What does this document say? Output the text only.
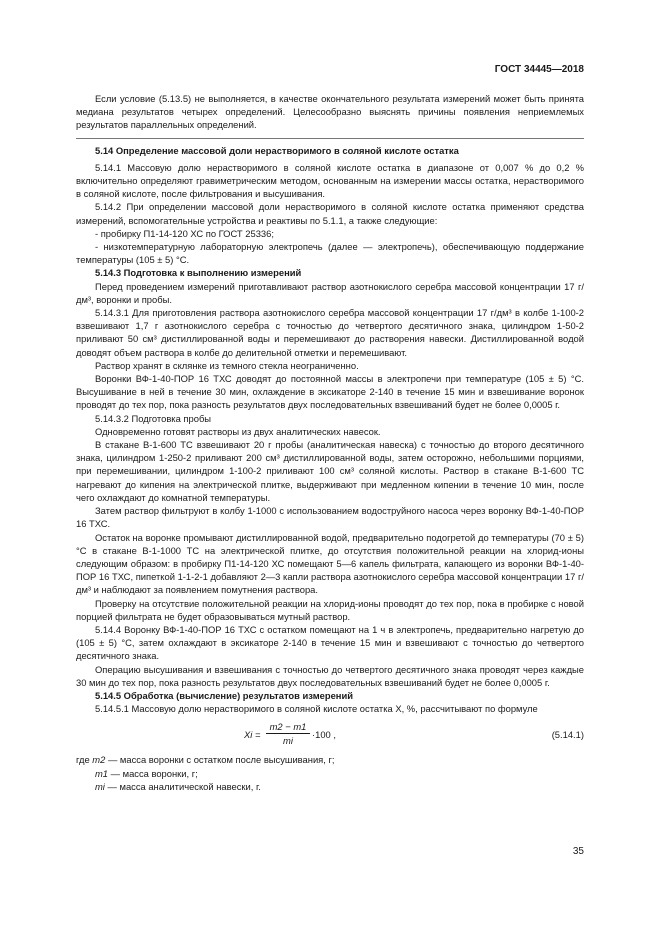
ГОСТ 34445—2018

Если условие (5.13.5) не выполняется, в качестве окончательного результата измерений может быть принята медиана результатов четырех определений. Целесообразно выяснять причины появления неприемлемых результатов параллельных определений.

5.14 Определение массовой доли нерастворимого в соляной кислоте остатка

5.14.1 Массовую долю нерастворимого в соляной кислоте остатка в диапазоне от 0,007 % до 0,2 % включительно определяют гравиметрическим методом, основанным на измерении массы остатка, нерастворимого в соляной кислоте, после фильтрования и высушивания.

5.14.2 При определении массовой доли нерастворимого в соляной кислоте остатка применяют средства измерений, вспомогательные устройства и реактивы по 5.1.1, а также следующие:

- пробирку П1-14-120 ХС по ГОСТ 25336;

- низкотемпературную лабораторную электропечь (далее — электропечь), обеспечивающую поддержание температуры (105 ± 5) °С.

5.14.3 Подготовка к выполнению измерений

Перед проведением измерений приготавливают раствор азотнокислого серебра массовой концентрации 17 г/дм³, воронки и пробы.

5.14.3.1 Для приготовления раствора азотнокислого серебра массовой концентрации 17 г/дм³ в колбе 1-100-2 взвешивают 1,7 г азотнокислого серебра с точностью до четвертого десятичного знака, цилиндром 1-50-2 приливают 50 см³ дистиллированной воды и перемешивают до растворения навески. Дистиллированной водой доводят объем раствора в колбе до делительной отметки и перемешивают.

Раствор хранят в склянке из темного стекла неограниченно.

Воронки ВФ-1-40-ПОР 16 ТХС доводят до постоянной массы в электропечи при температуре (105 ± 5) °С. Высушивание в ней в течение 30 мин, охлаждение в эксикаторе 2-140 в течение 15 мин и взвешивание воронок проводят до тех пор, пока разность результатов двух последовательных взвешиваний будет не более 0,0005 г.

5.14.3.2 Подготовка пробы

Одновременно готовят растворы из двух аналитических навесок.

В стакане В-1-600 ТС взвешивают 20 г пробы (аналитическая навеска) с точностью до второго десятичного знака, цилиндром 1-250-2 приливают 200 см³ дистиллированной воды, затем осторожно, небольшими порциями, при перемешивании, цилиндром 1-100-2 приливают 100 см³ соляной кислоты. Раствор в стакане В-1-600 ТС нагревают до кипения на электрической плитке, выдерживают при медленном кипении в течение 10 мин, после чего охлаждают до комнатной температуры.

Затем раствор фильтруют в колбу 1-1000 с использованием водоструйного насоса через воронку ВФ-1-40-ПОР 16 ТХС.

Остаток на воронке промывают дистиллированной водой, предварительно подогретой до температуры (70 ± 5) °С в стакане В-1-1000 ТС на электрической плитке, до отсутствия положительной реакции на хлорид-ионы следующим образом: в пробирку П1-14-120 ХС помещают 5—6 капель фильтрата, капающего из воронки ВФ-1-40-ПОР 16 ТХС, пипеткой 1-1-2-1 добавляют 2—3 капли раствора азотнокислого серебра массовой концентрации 17 г/дм³ и наблюдают за появлением помутнения раствора.

Проверку на отсутствие положительной реакции на хлорид-ионы проводят до тех пор, пока в пробирке с новой порцией фильтрата не будет образовываться мутный раствор.

5.14.4 Воронку ВФ-1-40-ПОР 16 ТХС с остатком помещают на 1 ч в электропечь, предварительно нагретую до (105 ± 5) °С, затем охлаждают в эксикаторе 2-140 в течение 15 мин и взвешивают с точностью до четвертого десятичного знака.

Операцию высушивания и взвешивания с точностью до четвертого десятичного знака проводят через каждые 30 мин до тех пор, пока разность результатов двух последовательных взвешиваний будет не более 0,0005 г.

5.14.5 Обработка (вычисление) результатов измерений

5.14.5.1 Массовую долю нерастворимого в соляной кислоте остатка X, %, рассчитывают по формуле

$Xi = \frac{m2 - m1}{mi} \cdot 100$ ,	(5.14.1)

где m2 — масса воронки с остатком после высушивания, г;

m1 — масса воронки, г;

mi — масса аналитической навески, г.

35
